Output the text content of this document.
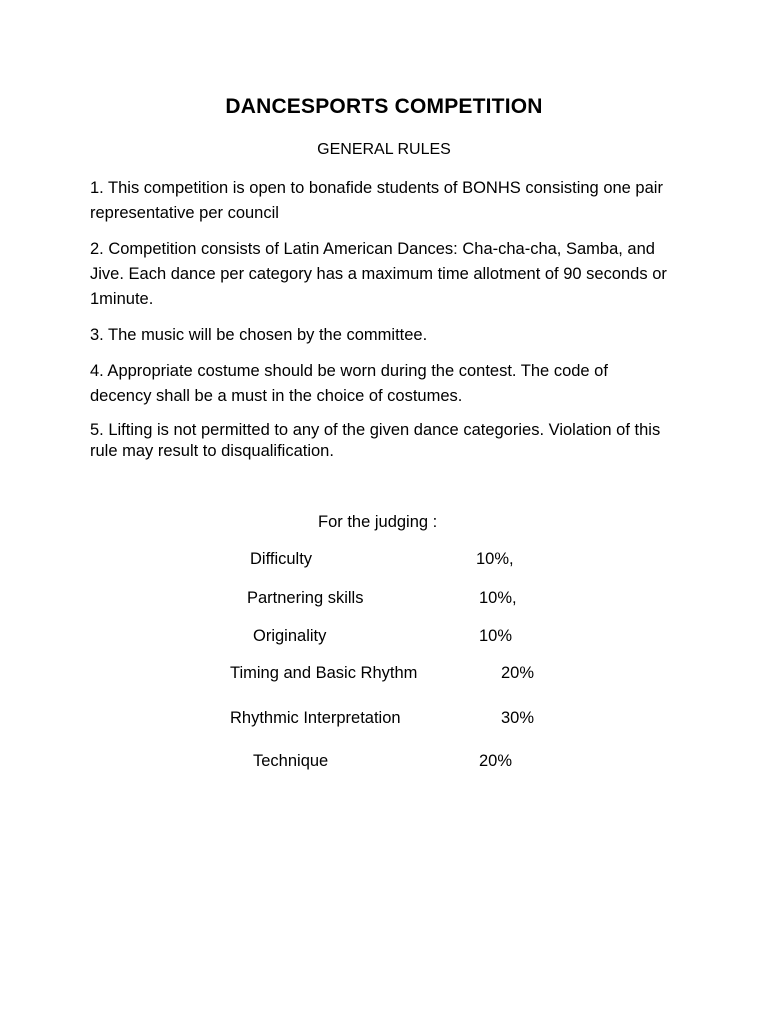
DANCESPORTS COMPETITION
GENERAL RULES

1. This competition is open to bonafide students of BONHS consisting one pair representative per council

2. Competition consists of Latin American Dances: Cha-cha-cha, Samba, and Jive. Each dance per category has a maximum time allotment of 90 seconds or 1minute.

3. The music will be chosen by the committee.

4. Appropriate costume should be worn during the contest. The code of decency shall be a must in the choice of costumes.

5. Lifting is not permitted to any of the given dance categories. Violation of this rule may result to disqualification.

For the judging :
Difficulty	10%,
Partnering skills	10%,
Originality	10%
Timing and Basic Rhythm	20%
Rhythmic Interpretation	30%
Technique	20%
